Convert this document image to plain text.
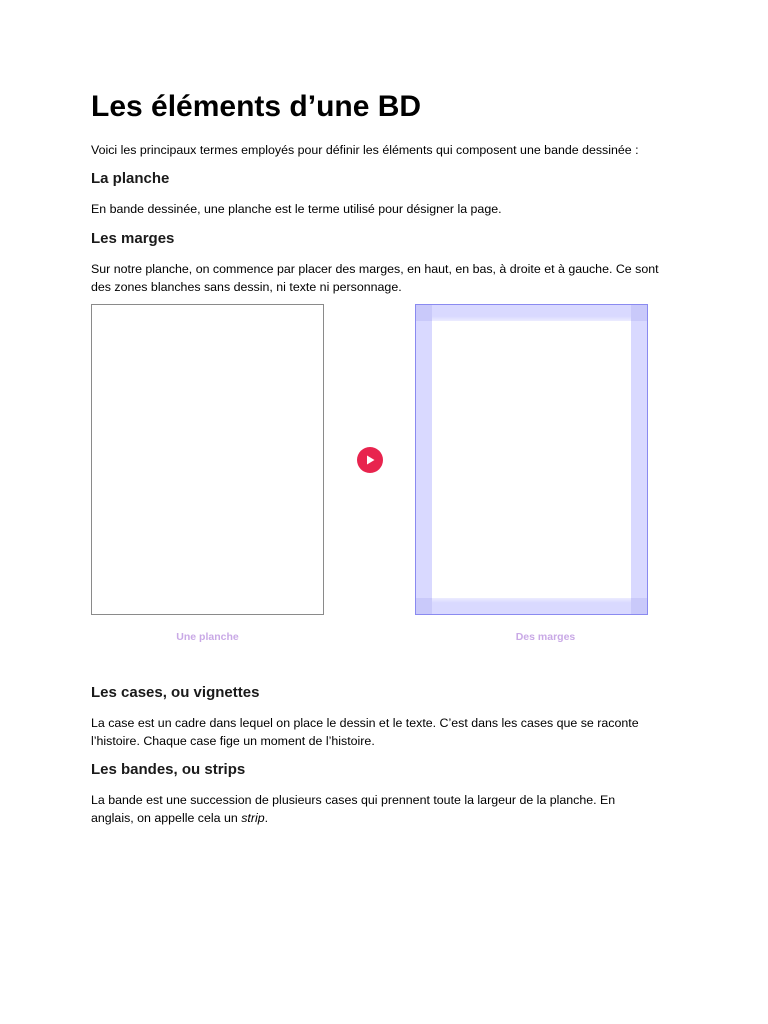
Les éléments d’une BD

Voici les principaux termes employés pour définir les éléments qui composent une bande dessinée :

La planche

En bande dessinée, une planche est le terme utilisé pour désigner la page.

Les marges

Sur notre planche, on commence par placer des marges, en haut, en bas, à droite et à gauche. Ce sont des zones blanches sans dessin, ni texte ni personnage.

Une planche	Des marges
Les cases, ou vignettes

La case est un cadre dans lequel on place le dessin et le texte. C’est dans les cases que se raconte l’histoire. Chaque case fige un moment de l’histoire.

Les bandes, ou strips

La bande est une succession de plusieurs cases qui prennent toute la largeur de la planche. En anglais, on appelle cela un strip.
